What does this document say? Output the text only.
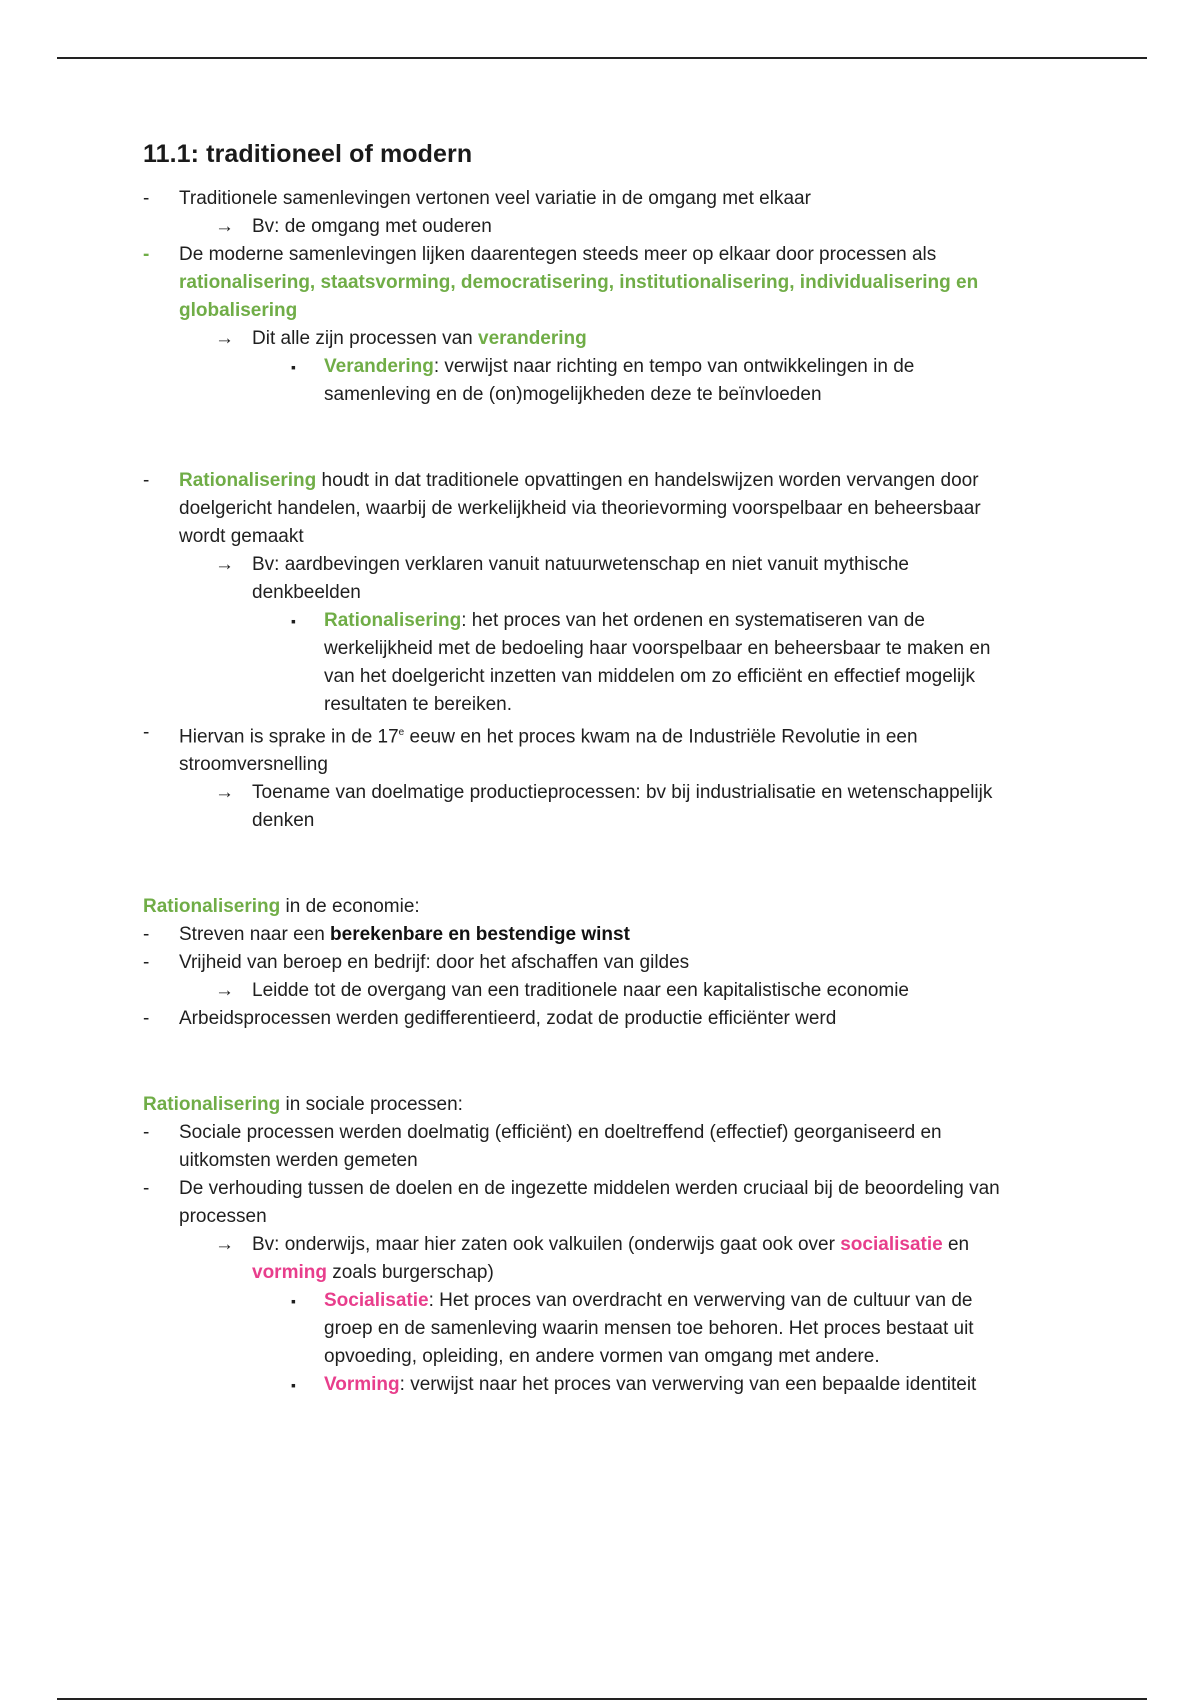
11.1: traditioneel of modern
- Traditionele samenlevingen vertonen veel variatie in de omgang met elkaar
→ Bv: de omgang met ouderen
- De moderne samenlevingen lijken daarentegen steeds meer op elkaar door processen als
rationalisering, staatsvorming, democratisering, institutionalisering, individualisering en
globalisering
→ Dit alle zijn processen van verandering
▪ Verandering: verwijst naar richting en tempo van ontwikkelingen in de
samenleving en de (on)mogelijkheden deze te beïnvloeden
- Rationalisering houdt in dat traditionele opvattingen en handelswijzen worden vervangen door
doelgericht handelen, waarbij de werkelijkheid via theorievorming voorspelbaar en beheersbaar
wordt gemaakt
→ Bv: aardbevingen verklaren vanuit natuurwetenschap en niet vanuit mythische
denkbeelden
▪ Rationalisering: het proces van het ordenen en systematiseren van de
werkelijkheid met de bedoeling haar voorspelbaar en beheersbaar te maken en
van het doelgericht inzetten van middelen om zo efficiënt en effectief mogelijk
resultaten te bereiken.
- Hiervan is sprake in de 17e eeuw en het proces kwam na de Industriële Revolutie in een
stroomversnelling
→ Toename van doelmatige productieprocessen: bv bij industrialisatie en wetenschappelijk
denken
Rationalisering in de economie:
- Streven naar een berekenbare en bestendige winst
- Vrijheid van beroep en bedrijf: door het afschaffen van gildes
→ Leidde tot de overgang van een traditionele naar een kapitalistische economie
- Arbeidsprocessen werden gedifferentieerd, zodat de productie efficiënter werd
Rationalisering in sociale processen:
- Sociale processen werden doelmatig (efficiënt) en doeltreffend (effectief) georganiseerd en
uitkomsten werden gemeten
- De verhouding tussen de doelen en de ingezette middelen werden cruciaal bij de beoordeling van
processen
→ Bv: onderwijs, maar hier zaten ook valkuilen (onderwijs gaat ook over socialisatie en
vorming zoals burgerschap)
▪ Socialisatie: Het proces van overdracht en verwerving van de cultuur van de
groep en de samenleving waarin mensen toe behoren. Het proces bestaat uit
opvoeding, opleiding, en andere vormen van omgang met andere.
▪ Vorming: verwijst naar het proces van verwerving van een bepaalde identiteit
